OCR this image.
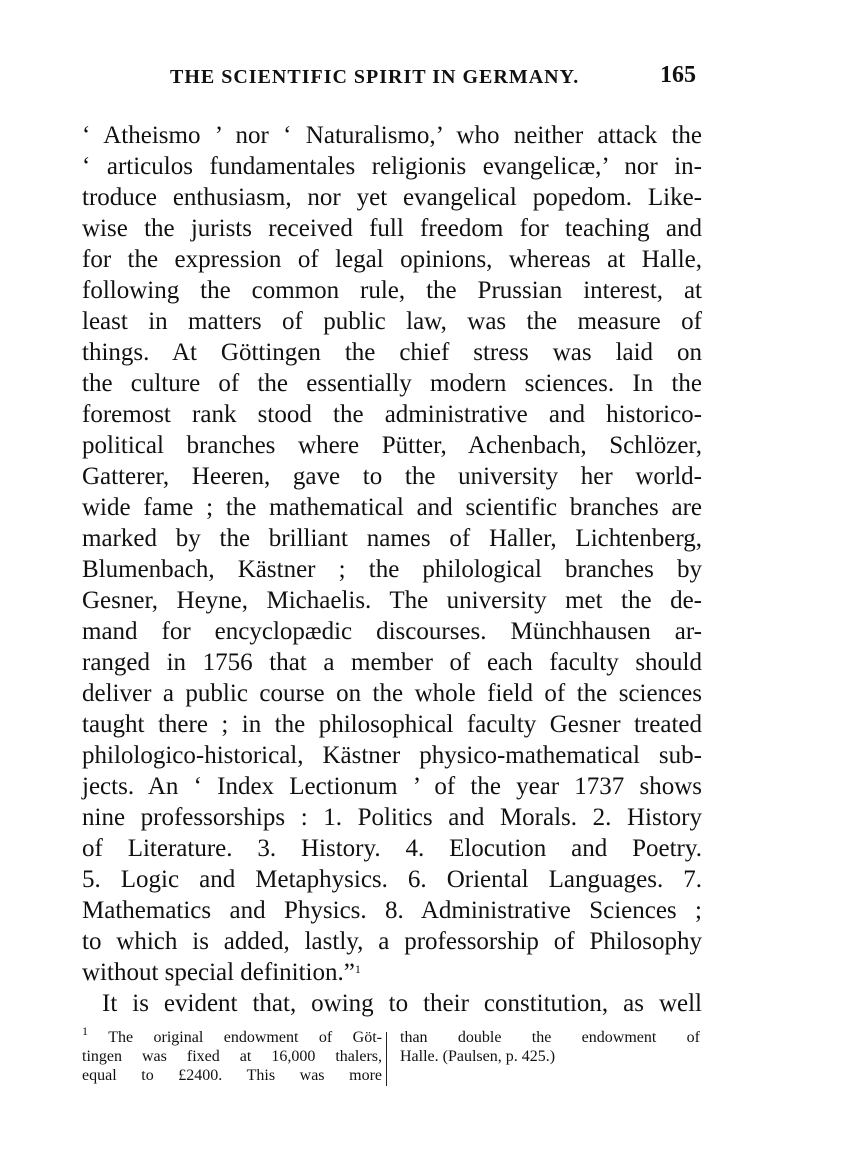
THE SCIENTIFIC SPIRIT IN GERMANY.	165
‘ Atheismo ’ nor ‘ Naturalismo,’ who neither attack the
‘ articulos fundamentales religionis evangelicæ,’ nor in-
troduce enthusiasm, nor yet evangelical popedom. Like-
wise the jurists received full freedom for teaching and
for the expression of legal opinions, whereas at Halle,
following the common rule, the Prussian interest, at
least in matters of public law, was the measure of
things. At Göttingen the chief stress was laid on
the culture of the essentially modern sciences. In the
foremost rank stood the administrative and historico-
political branches where Pütter, Achenbach, Schlözer,
Gatterer, Heeren, gave to the university her world-
wide fame ; the mathematical and scientific branches are
marked by the brilliant names of Haller, Lichtenberg,
Blumenbach, Kästner ; the philological branches by
Gesner, Heyne, Michaelis. The university met the de-
mand for encyclopædic discourses. Münchhausen ar-
ranged in 1756 that a member of each faculty should
deliver a public course on the whole field of the sciences
taught there ; in the philosophical faculty Gesner treated
philologico-historical, Kästner physico-mathematical sub-
jects. An ‘ Index Lectionum ’ of the year 1737 shows
nine professorships : 1. Politics and Morals. 2. History
of Literature. 3. History. 4. Elocution and Poetry.
5. Logic and Metaphysics. 6. Oriental Languages. 7.
Mathematics and Physics. 8. Administrative Sciences ;
to which is added, lastly, a professorship of Philosophy
without special definition.”$^1$
It is evident that, owing to their constitution, as well
$^1$ The original endowment of Göt-
tingen was fixed at 16,000 thalers,
equal to £2400. This was more
than double the endowment of
Halle. (Paulsen, p. 425.)
